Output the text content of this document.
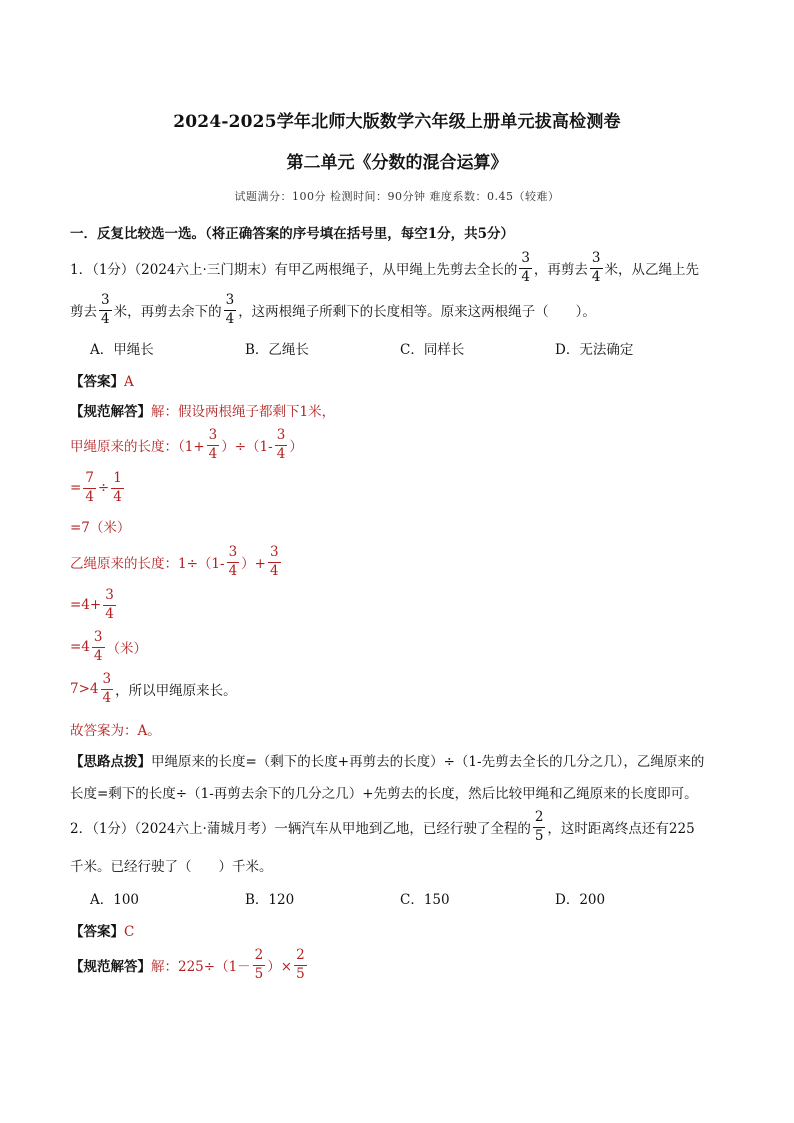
2024-2025学年北师大版数学六年级上册单元拔高检测卷
第二单元《分数的混合运算》
试题满分：100分 检测时间：90分钟 难度系数：0.45（较难）
一．反复比较选一选。（将正确答案的序号填在括号里，每空1分，共5分）
1．（1分）（2024六上·三门期末）有甲乙两根绳子，从甲绳上先剪去全长的 $\frac{3}{4}$ ，再剪去 $\frac{3}{4}$ 米，从乙绳上先
剪去 $\frac{3}{4}$ 米，再剪去余下的 $\frac{3}{4}$ ，这两根绳子所剩下的长度相等。原来这两根绳子（　　）。
A．甲绳长	B．乙绳长	C．同样长	D．无法确定
【答案】A
【规范解答】解：假设两根绳子都剩下1米，
甲绳原来的长度：$(1+ \frac{3}{4} )\div(1- \frac{3}{4}$ ）
= $\frac{7}{4} \div \frac{1}{4}$
=7（米）
乙绳原来的长度：$1\div(1- \frac{3}{4}$ ）+ $\frac{3}{4}$
$=4+ \frac{3}{4}$
$=4 \frac{3}{4}$ （米）
$7>4 \frac{3}{4}$ ，所以甲绳原来长。
故答案为：A。
【思路点拨】甲绳原来的长度=（剩下的长度+再剪去的长度）÷（1-先剪去全长的几分之几），乙绳原来的
长度=剩下的长度÷（1-再剪去余下的几分之几）+先剪去的长度，然后比较甲绳和乙绳原来的长度即可。
2．（1分）（2024六上·蒲城月考）一辆汽车从甲地到乙地，已经行驶了全程的 $\frac{2}{5}$ ，这时距离终点还有225
千米。已经行驶了（　　）千米。
A．100	B．120	C．150	D．200
【答案】C
【规范解答】 解：$225\div(1- \frac{2}{5}$ ）× $\frac{2}{5}$
